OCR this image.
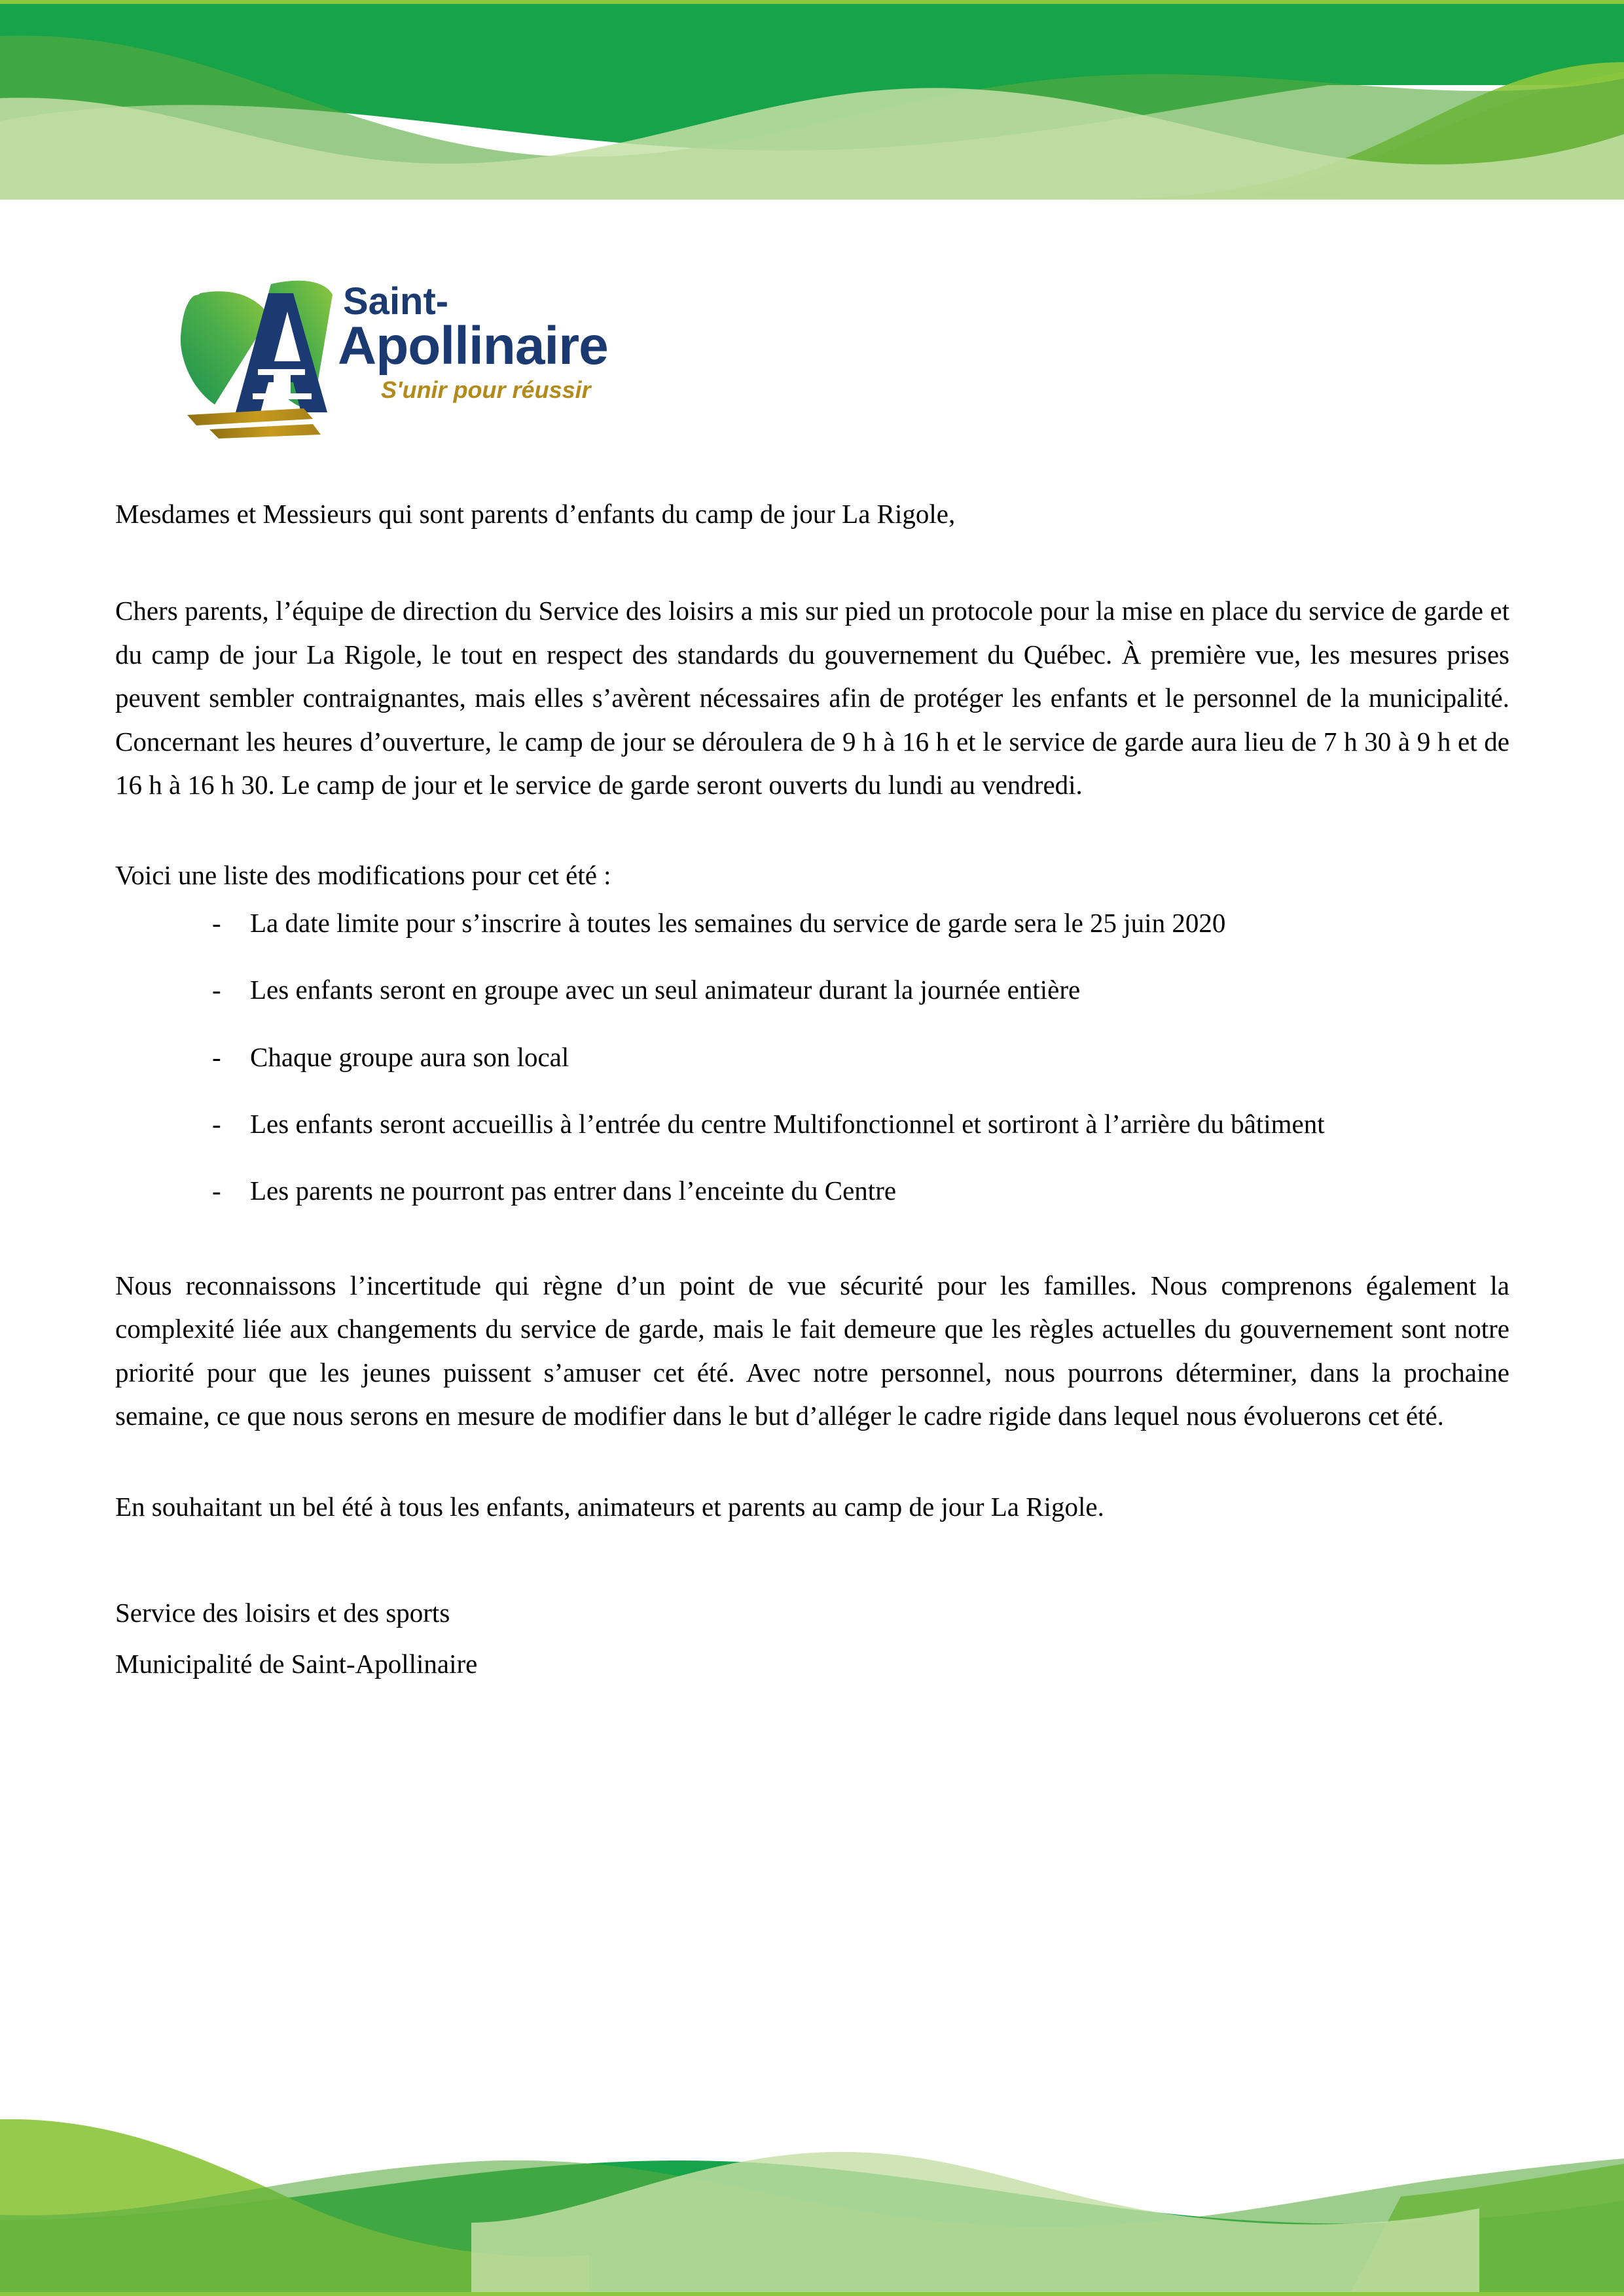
Saint-
Apollinaire
S'unir pour réussir

Mesdames et Messieurs qui sont parents d’enfants du camp de jour La Rigole,

Chers parents, l’équipe de direction du Service des loisirs a mis sur pied un protocole pour la mise en place du service de garde et du camp de jour La Rigole, le tout en respect des standards du gouvernement du Québec. À première vue, les mesures prises peuvent sembler contraignantes, mais elles s’avèrent nécessaires afin de protéger les enfants et le personnel de la municipalité. Concernant les heures d’ouverture, le camp de jour se déroulera de 9 h à 16 h et le service de garde aura lieu de 7 h 30 à 9 h et de 16 h à 16 h 30. Le camp de jour et le service de garde seront ouverts du lundi au vendredi.

Voici une liste des modifications pour cet été :

- La date limite pour s’inscrire à toutes les semaines du service de garde sera le 25 juin 2020
- Les enfants seront en groupe avec un seul animateur durant la journée entière
- Chaque groupe aura son local
- Les enfants seront accueillis à l’entrée du centre Multifonctionnel et sortiront à l’arrière du bâtiment
- Les parents ne pourront pas entrer dans l’enceinte du Centre

Nous reconnaissons l’incertitude qui règne d’un point de vue sécurité pour les familles. Nous comprenons également la complexité liée aux changements du service de garde, mais le fait demeure que les règles actuelles du gouvernement sont notre priorité pour que les jeunes puissent s’amuser cet été. Avec notre personnel, nous pourrons déterminer, dans la prochaine semaine, ce que nous serons en mesure de modifier dans le but d’alléger le cadre rigide dans lequel nous évoluerons cet été.

En souhaitant un bel été à tous les enfants, animateurs et parents au camp de jour La Rigole.

Service des loisirs et des sports
Municipalité de Saint-Apollinaire
